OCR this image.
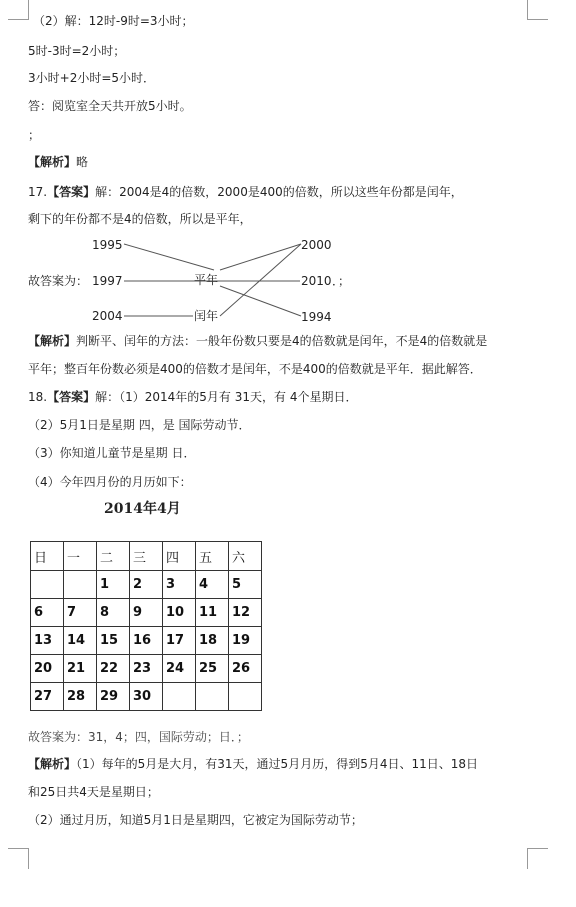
（2）解：12时-9时=3小时；
5时-3时=2小时；
3小时+2小时=5小时．
答：阅览室全天共开放5小时。
；
【解析】略
17.【答案】解：2004是4的倍数，2000是400的倍数，所以这些年份都是闰年，
剩下的年份都不是4的倍数，所以是平年，
故答案为：
1995
1997
2004
平年
闰年
2000
2010
1994
．；
【解析】判断平、闰年的方法：一般年份数只要是4的倍数就是闰年，不是4的倍数就是
平年；整百年份数必须是400的倍数才是闰年，不是400的倍数就是平年．据此解答．
18.【答案】解：（1）2014年的5月有 31天，有 4个星期日．
（2）5月1日是星期 四，是 国际劳动节．
（3）你知道儿童节是星期 日．
（4）今年四月份的月历如下：
2014年4月
日	一	二	三	四	五	六
		1	2	3	4	5
6	7	8	9	10	11	12
13	14	15	16	17	18	19
20	21	22	23	24	25	26
27	28	29	30			
故答案为：31，4；四，国际劳动；日．；
【解析】（1）每年的5月是大月，有31天，通过5月月历，得到5月4日、11日、18日
和25日共4天是星期日；
（2）通过月历，知道5月1日是星期四，它被定为国际劳动节；
